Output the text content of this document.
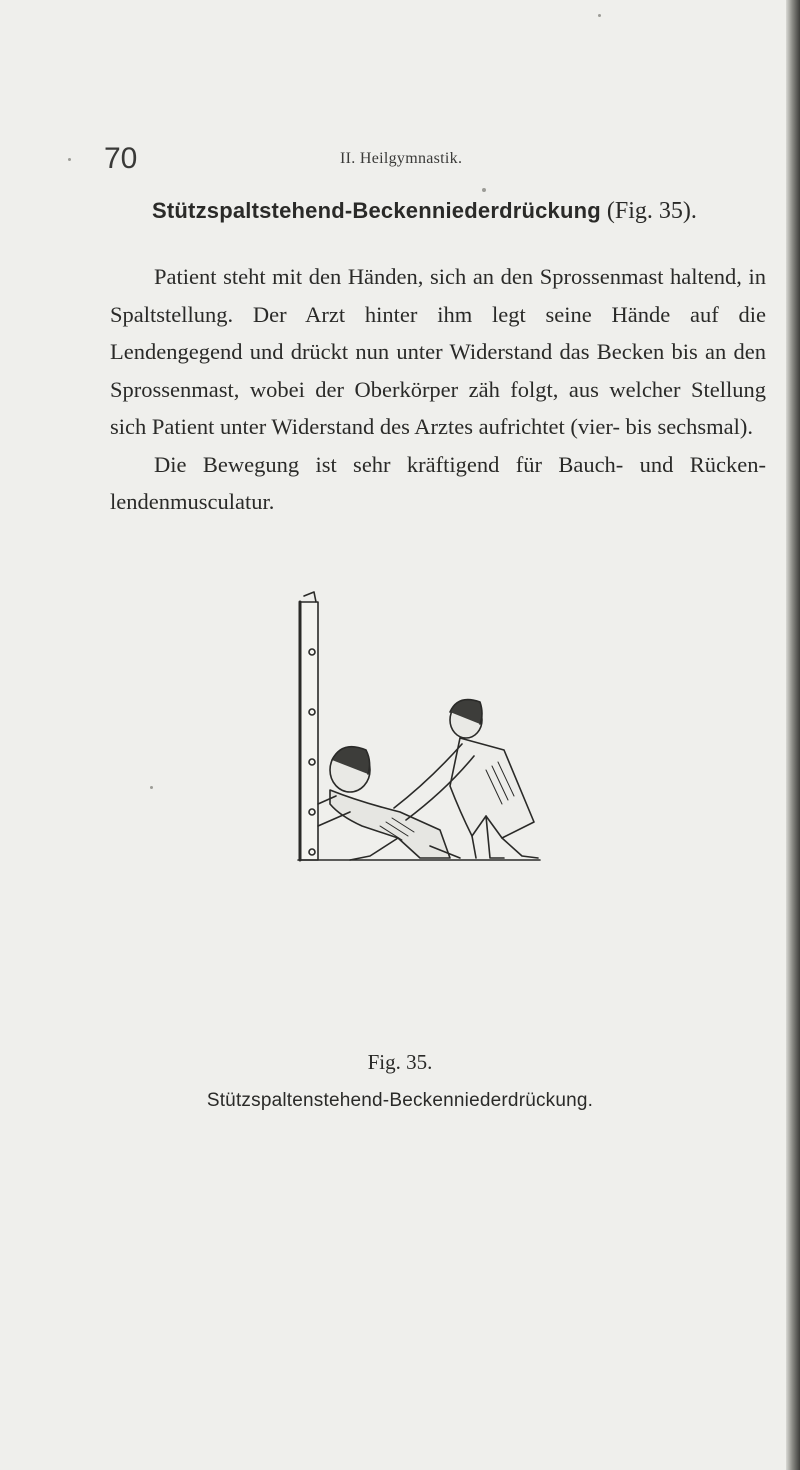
70	II. Heilgymnastik.
Stützspaltstehend-Beckenniederdrückung (Fig. 35).

Patient steht mit den Händen, sich an den Sprossenmast haltend, in Spaltstellung. Der Arzt hinter ihm legt seine Hände auf die Lendengegend und drückt nun unter Widerstand das Becken bis an den Sprossenmast, wobei der Oberkörper zäh folgt, aus welcher Stellung sich Patient unter Widerstand des Arztes aufrichtet (vier- bis sechsmal).

Die Bewegung ist sehr kräftigend für Bauch- und Rücken-lendenmusculatur.

Fig. 35.
Stützspaltenstehend-Beckenniederdrückung.
